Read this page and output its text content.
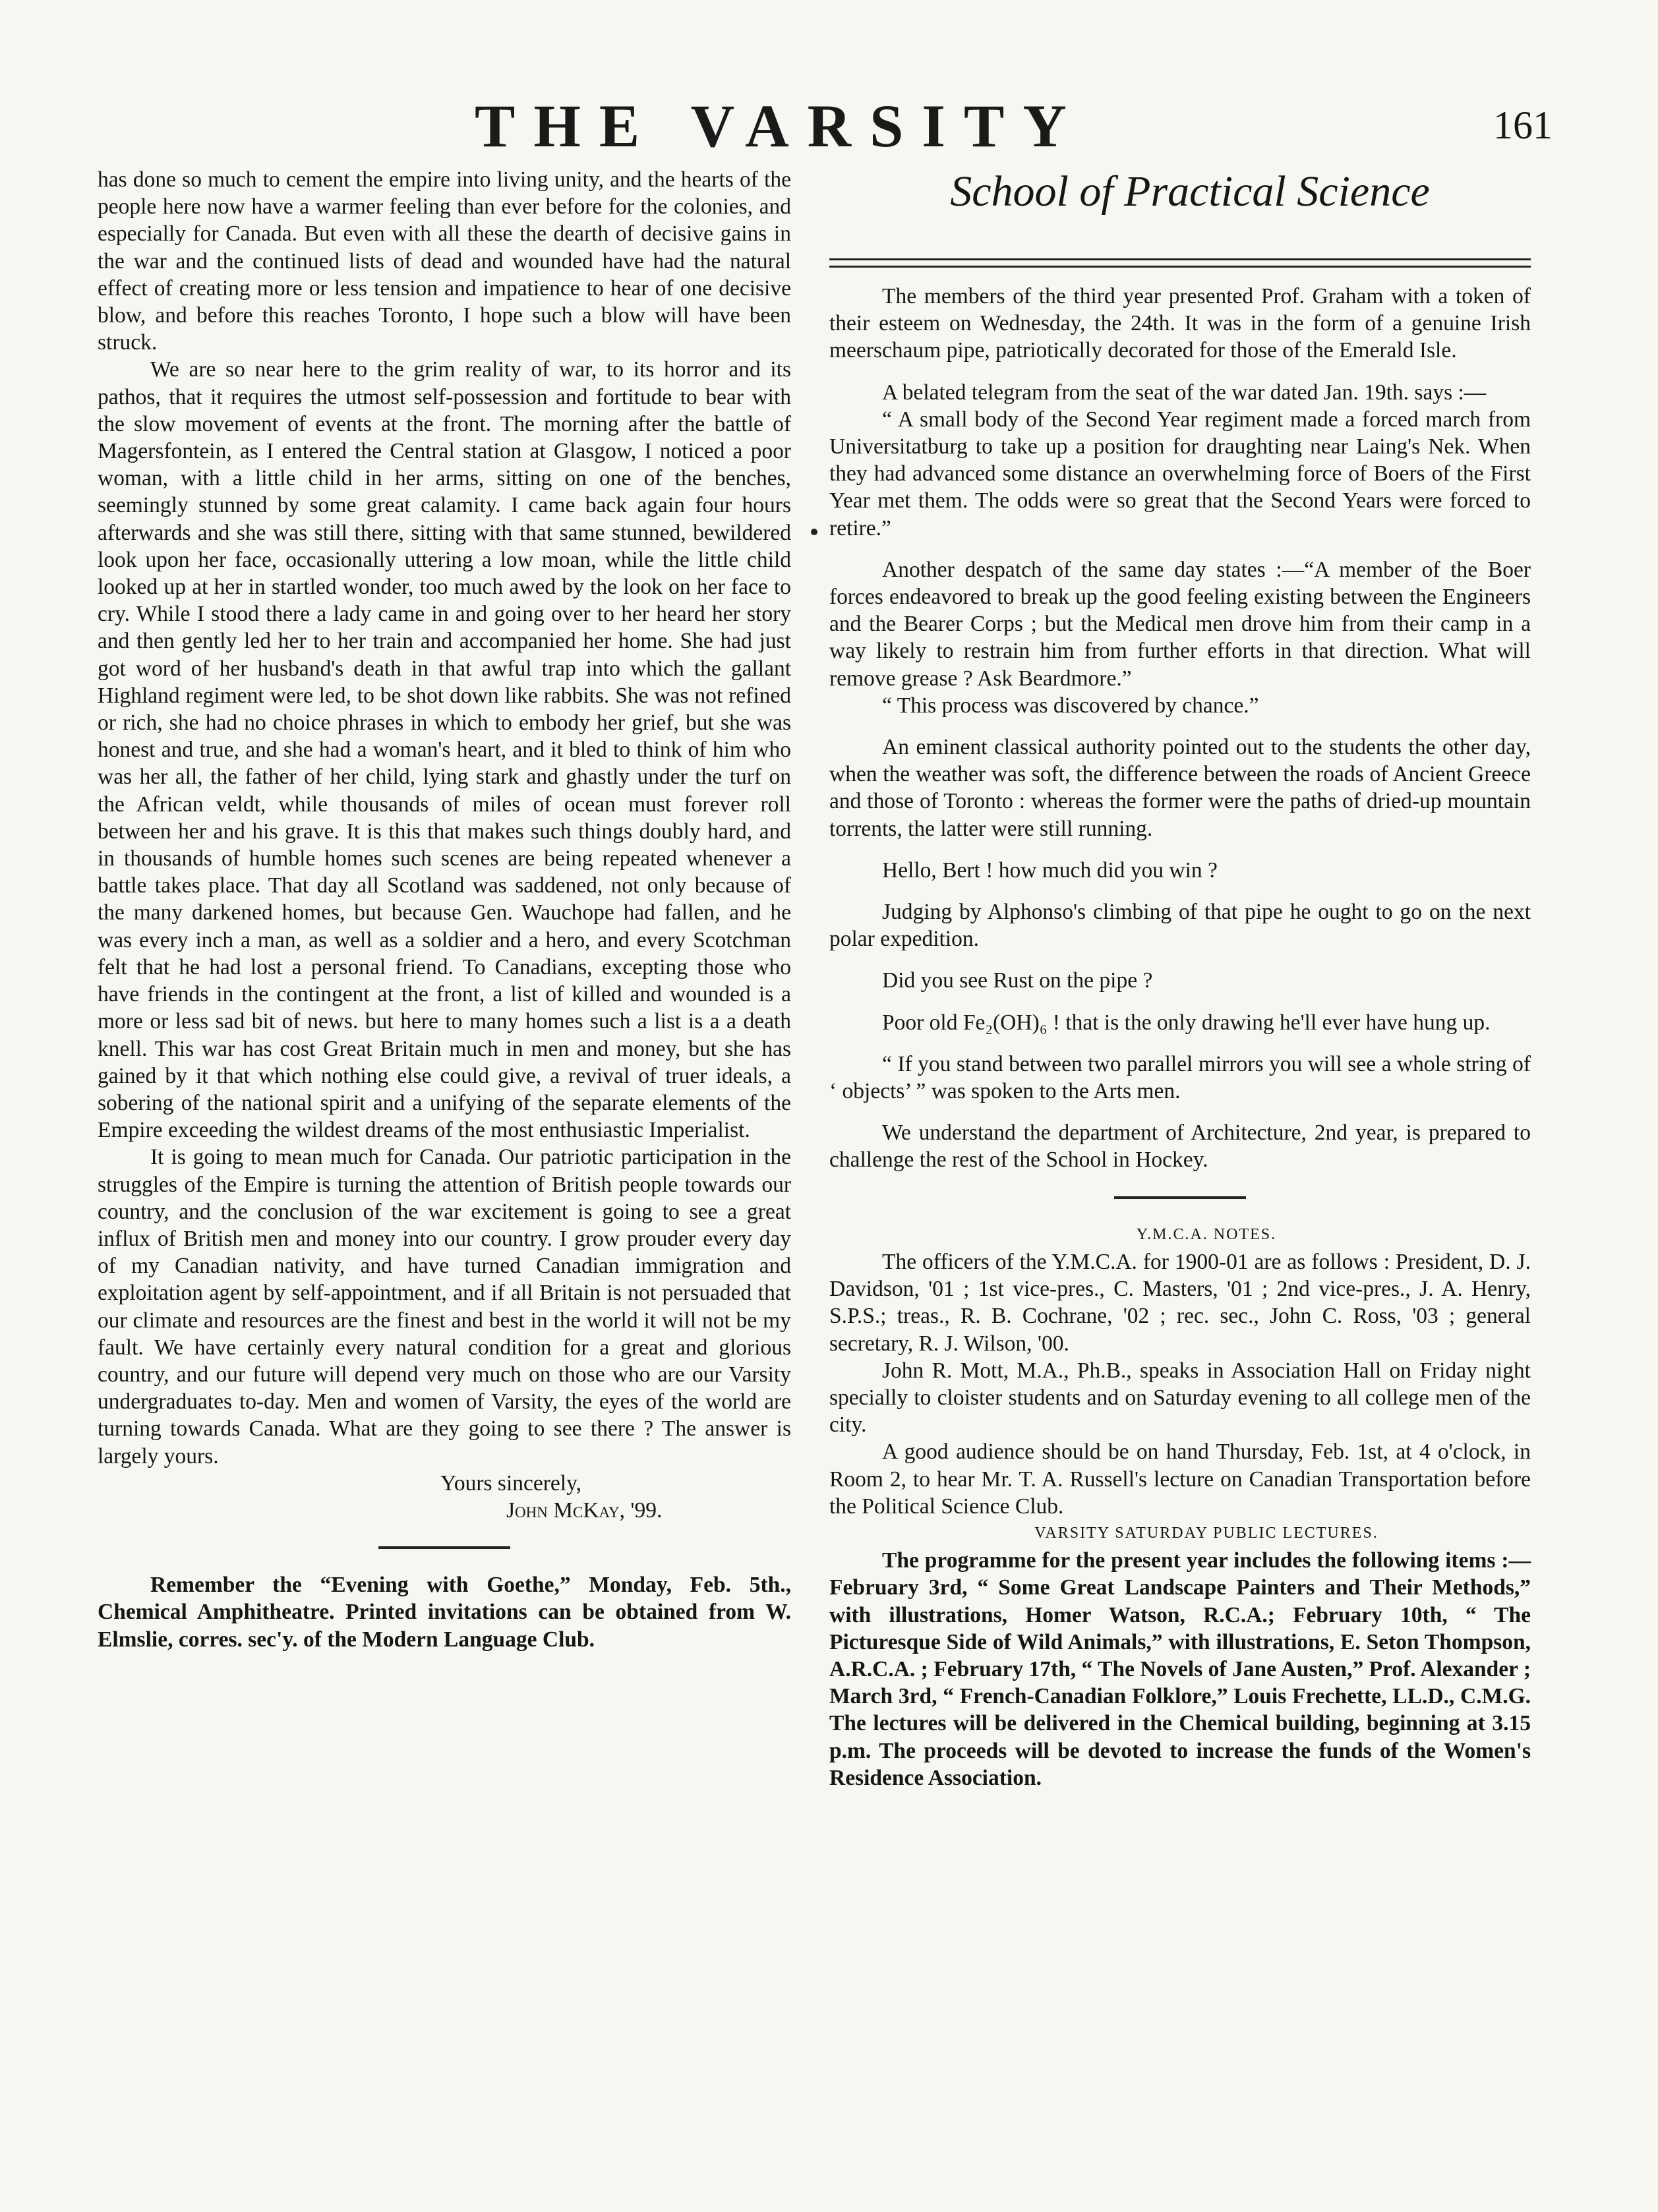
THE VARSITY	161

has done so much to cement the empire into living unity, and the hearts of the people here now have a warmer feeling than ever before for the colonies, and especially for Canada. But even with all these the dearth of decisive gains in the war and the continued lists of dead and wounded have had the natural effect of creating more or less tension and impatience to hear of one decisive blow, and before this reaches Toronto, I hope such a blow will have been struck.

We are so near here to the grim reality of war, to its horror and its pathos, that it requires the utmost self-possession and fortitude to bear with the slow movement of events at the front. The morning after the battle of Magersfontein, as I entered the Central station at Glasgow, I noticed a poor woman, with a little child in her arms, sitting on one of the benches, seemingly stunned by some great calamity. I came back again four hours afterwards and she was still there, sitting with that same stunned, bewildered look upon her face, occasionally uttering a low moan, while the little child looked up at her in startled wonder, too much awed by the look on her face to cry. While I stood there a lady came in and going over to her heard her story and then gently led her to her train and accompanied her home. She had just got word of her husband's death in that awful trap into which the gallant Highland regiment were led, to be shot down like rabbits. She was not refined or rich, she had no choice phrases in which to embody her grief, but she was honest and true, and she had a woman's heart, and it bled to think of him who was her all, the father of her child, lying stark and ghastly under the turf on the African veldt, while thousands of miles of ocean must forever roll between her and his grave. It is this that makes such things doubly hard, and in thousands of humble homes such scenes are being repeated whenever a battle takes place. That day all Scotland was saddened, not only because of the many darkened homes, but because Gen. Wauchope had fallen, and he was every inch a man, as well as a soldier and a hero, and every Scotchman felt that he had lost a personal friend. To Canadians, excepting those who have friends in the contingent at the front, a list of killed and wounded is a more or less sad bit of news. but here to many homes such a list is a a death knell. This war has cost Great Britain much in men and money, but she has gained by it that which nothing else could give, a revival of truer ideals, a sobering of the national spirit and a unifying of the separate elements of the Empire exceeding the wildest dreams of the most enthusiastic Imperialist.

It is going to mean much for Canada. Our patriotic participation in the struggles of the Empire is turning the attention of British people towards our country, and the conclusion of the war excitement is going to see a great influx of British men and money into our country. I grow prouder every day of my Canadian nativity, and have turned Canadian immigration and exploitation agent by self-appointment, and if all Britain is not persuaded that our climate and resources are the finest and best in the world it will not be my fault. We have certainly every natural condition for a great and glorious country, and our future will depend very much on those who are our Varsity undergraduates to-day. Men and women of Varsity, the eyes of the world are turning towards Canada. What are they going to see there ? The answer is largely yours.

Yours sincerely,

John McKay, '99.

Remember the “Evening with Goethe,” Monday, Feb. 5th., Chemical Amphitheatre. Printed invitations can be obtained from W. Elmslie, corres. sec'y. of the Modern Language Club.

School of Practical Science

The members of the third year presented Prof. Graham with a token of their esteem on Wednesday, the 24th. It was in the form of a genuine Irish meerschaum pipe, patriotically decorated for those of the Emerald Isle.

A belated telegram from the seat of the war dated Jan. 19th. says :—

“ A small body of the Second Year regiment made a forced march from Universitatburg to take up a position for draughting near Laing's Nek. When they had advanced some distance an overwhelming force of Boers of the First Year met them. The odds were so great that the Second Years were forced to retire.”

Another despatch of the same day states :—“A member of the Boer forces endeavored to break up the good feeling existing between the Engineers and the Bearer Corps ; but the Medical men drove him from their camp in a way likely to restrain him from further efforts in that direction. What will remove grease ? Ask Beardmore.”

“ This process was discovered by chance.”

An eminent classical authority pointed out to the students the other day, when the weather was soft, the difference between the roads of Ancient Greece and those of Toronto : whereas the former were the paths of dried-up mountain torrents, the latter were still running.

Hello, Bert ! how much did you win ?

Judging by Alphonso's climbing of that pipe he ought to go on the next polar expedition.

Did you see Rust on the pipe ?

Poor old Fe₂(OH)₆ ! that is the only drawing he'll ever have hung up.

“ If you stand between two parallel mirrors you will see a whole string of ‘ objects’ ” was spoken to the Arts men.

We understand the department of Architecture, 2nd year, is prepared to challenge the rest of the School in Hockey.

Y.M.C.A. NOTES.

The officers of the Y.M.C.A. for 1900-01 are as follows : President, D. J. Davidson, '01 ; 1st vice-pres., C. Masters, '01 ; 2nd vice-pres., J. A. Henry, S.P.S.; treas., R. B. Cochrane, '02 ; rec. sec., John C. Ross, '03 ; general secretary, R. J. Wilson, '00.

John R. Mott, M.A., Ph.B., speaks in Association Hall on Friday night specially to cloister students and on Saturday evening to all college men of the city.

A good audience should be on hand Thursday, Feb. 1st, at 4 o'clock, in Room 2, to hear Mr. T. A. Russell's lecture on Canadian Transportation before the Political Science Club.

VARSITY SATURDAY PUBLIC LECTURES.

The programme for the present year includes the following items :—February 3rd, “ Some Great Landscape Painters and Their Methods,” with illustrations, Homer Watson, R.C.A.; February 10th, “ The Picturesque Side of Wild Animals,” with illustrations, E. Seton Thompson, A.R.C.A. ; February 17th, “ The Novels of Jane Austen,” Prof. Alexander ; March 3rd, “ French-Canadian Folklore,” Louis Frechette, LL.D., C.M.G. The lectures will be delivered in the Chemical building, beginning at 3.15 p.m. The proceeds will be devoted to increase the funds of the Women's Residence Association.
